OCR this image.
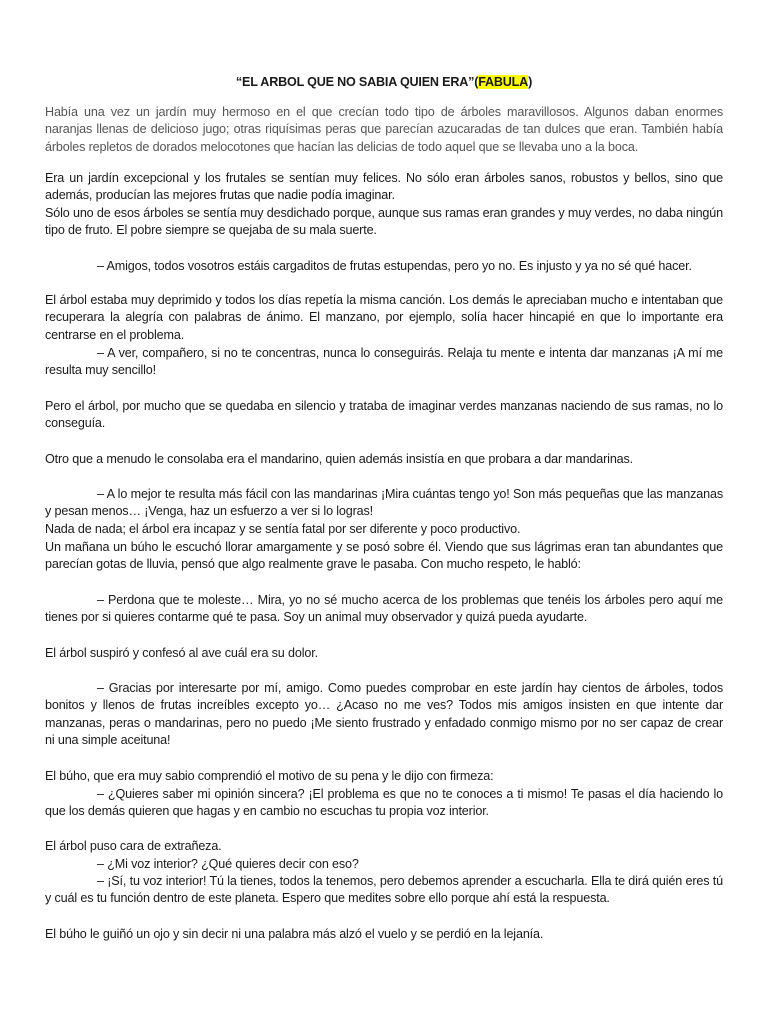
“EL ARBOL QUE NO SABIA QUIEN ERA”(FABULA)

Había una vez un jardín muy hermoso en el que crecían todo tipo de árboles maravillosos. Algunos daban enormes naranjas llenas de delicioso jugo; otras riquísimas peras que parecían azucaradas de tan dulces que eran. También había árboles repletos de dorados melocotones que hacían las delicias de todo aquel que se llevaba uno a la boca.

Era un jardín excepcional y los frutales se sentían muy felices. No sólo eran árboles sanos, robustos y bellos, sino que además, producían las mejores frutas que nadie podía imaginar.

Sólo uno de esos árboles se sentía muy desdichado porque, aunque sus ramas eran grandes y muy verdes, no daba ningún tipo de fruto. El pobre siempre se quejaba de su mala suerte.

– Amigos, todos vosotros estáis cargaditos de frutas estupendas, pero yo no. Es injusto y ya no sé qué hacer.

El árbol estaba muy deprimido y todos los días repetía la misma canción. Los demás le apreciaban mucho e intentaban que recuperara la alegría con palabras de ánimo. El manzano, por ejemplo, solía hacer hincapié en que lo importante era centrarse en el problema.

– A ver, compañero, si no te concentras, nunca lo conseguirás. Relaja tu mente e intenta dar manzanas ¡A mí me resulta muy sencillo!

Pero el árbol, por mucho que se quedaba en silencio y trataba de imaginar verdes manzanas naciendo de sus ramas, no lo conseguía.

Otro que a menudo le consolaba era el mandarino, quien además insistía en que probara a dar mandarinas.

– A lo mejor te resulta más fácil con las mandarinas ¡Mira cuántas tengo yo! Son más pequeñas que las manzanas y pesan menos… ¡Venga, haz un esfuerzo a ver si lo logras!

Nada de nada; el árbol era incapaz y se sentía fatal por ser diferente y poco productivo.

Un mañana un búho le escuchó llorar amargamente y se posó sobre él. Viendo que sus lágrimas eran tan abundantes que parecían gotas de lluvia, pensó que algo realmente grave le pasaba. Con mucho respeto, le habló:

– Perdona que te moleste… Mira, yo no sé mucho acerca de los problemas que tenéis los árboles pero aquí me tienes por si quieres contarme qué te pasa. Soy un animal muy observador y quizá pueda ayudarte.

El árbol suspiró y confesó al ave cuál era su dolor.

– Gracias por interesarte por mí, amigo. Como puedes comprobar en este jardín hay cientos de árboles, todos bonitos y llenos de frutas increíbles excepto yo… ¿Acaso no me ves? Todos mis amigos insisten en que intente dar manzanas, peras o mandarinas, pero no puedo ¡Me siento frustrado y enfadado conmigo mismo por no ser capaz de crear ni una simple aceituna!

El búho, que era muy sabio comprendió el motivo de su pena y le dijo con firmeza:

– ¿Quieres saber mi opinión sincera? ¡El problema es que no te conoces a ti mismo! Te pasas el día haciendo lo que los demás quieren que hagas y en cambio no escuchas tu propia voz interior.

El árbol puso cara de extrañeza.

– ¿Mi voz interior? ¿Qué quieres decir con eso?

– ¡Sí, tu voz interior! Tú la tienes, todos la tenemos, pero debemos aprender a escucharla. Ella te dirá quién eres tú y cuál es tu función dentro de este planeta. Espero que medites sobre ello porque ahí está la respuesta.

El búho le guiñó un ojo y sin decir ni una palabra más alzó el vuelo y se perdió en la lejanía.
